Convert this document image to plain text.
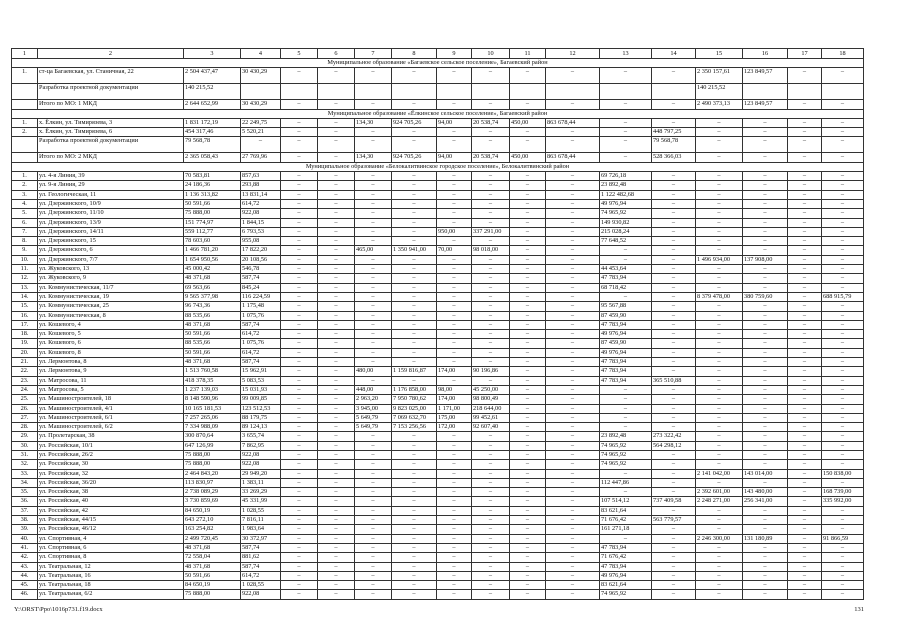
1	2	3	4	5	6	7	8	9	10	11	12	13	14	15	16	17	18
Муниципальное образование «Багаевское сельское поселение», Багаевский район																	
1.	ст-ца Багаевская, ул. Станичная, 22	2 504 437,47	30 430,29	–	–	–	–	–	–	–	–	–	–	2 350 157,61	123 849,57	–	–
	Разработка проектной документации	140 215,52												140 215,52			
	Итого по МО: 1 МКД	2 644 652,99	30 430,29	–	–	–	–	–	–	–	–	–	–	2 490 373,13	123 849,57	–	–
Муниципальное образование «Ёлкинское сельское поселение», Багаевский район																	
1.	х. Ёлкин, ул. Тимирязева, 3	1 831 172,19	22 249,75	–	–	134,30	924 705,26	94,00	20 538,74	450,00	863 678,44	–	–	–	–	–	–
2.	х. Ёлкин, ул. Тимирязева, 6	454 317,46	5 520,21	–	–	–	–	–	–	–	–	–	448 797,25	–	–	–	–
	Разработка проектной документации	79 568,78	–	–	–	–	–	–	–	–	–	–	79 568,78	–	–	–	–
	Итого по МО: 2 МКД	2 365 058,43	27 769,96	–	–	134,30	924 705,26	94,00	20 538,74	450,00	863 678,44	–	528 366,03	–	–	–	–
Муниципальное образование «Белокалитвинское городское поселение», Белокалитвинский район																	
1.	ул. 4-я Линия, 39	70 583,81	857,63	–	–	–	–	–	–	–	–	69 726,18	–	–	–	–	–
2.	ул. 9-я Линия, 29	24 186,36	293,88	–	–	–	–	–	–	–	–	23 892,48	–	–	–	–	–
3.	ул. Геологическая, 11	1 136 313,82	13 831,14	–	–	–	–	–	–	–	–	1 122 482,68	–	–	–	–	–
4.	ул. Дзержинского, 10/9	50 591,66	614,72	–	–	–	–	–	–	–	–	49 976,94	–	–	–	–	–
5.	ул. Дзержинского, 11/10	75 888,00	922,08	–	–	–	–	–	–	–	–	74 965,92	–	–	–	–	–
6.	ул. Дзержинского, 13/9	151 774,97	1 844,15	–	–	–	–	–	–	–	–	149 930,82	–	–	–	–	–
7.	ул. Дзержинского, 14/11	559 112,77	6 793,53	–	–	–	–	950,00	337 291,00	–	–	215 028,24	–	–	–	–	–
8.	ул. Дзержинского, 15	78 603,60	955,08	–	–	–	–	–	–	–	–	77 648,52	–	–	–	–	–
9.	ул. Дзержинского, 6	1 466 781,20	17 822,20	–	–	465,00	1 350 941,00	70,00	98 018,00	–	–	–	–	–	–	–	–
10.	ул. Дзержинского, 7/7	1 654 950,56	20 108,56	–	–	–	–	–	–	–	–	–	–	1 496 934,00	137 908,00	–	–
11.	ул. Жуковского, 13	45 000,42	546,78	–	–	–	–	–	–	–	–	44 453,64	–	–	–	–	–
12.	ул. Жуковского, 9	48 371,68	587,74	–	–	–	–	–	–	–	–	47 783,94	–	–	–	–	–
13.	ул. Коммунистическая, 11/7	69 563,66	845,24	–	–	–	–	–	–	–	–	68 718,42	–	–	–	–	–
14.	ул. Коммунистическая, 19	9 565 377,98	116 224,59	–	–	–	–	–	–	–	–	–	–	8 379 478,00	380 759,60	–	688 915,79
15.	ул. Коммунистическая, 25	96 743,36	1 175,48	–	–	–	–	–	–	–	–	95 567,88	–	–	–	–	–
16.	ул. Коммунистическая, 8	88 535,66	1 075,76	–	–	–	–	–	–	–	–	87 459,90	–	–	–	–	–
17.	ул. Кошевого, 4	48 371,68	587,74	–	–	–	–	–	–	–	–	47 783,94	–	–	–	–	–
18.	ул. Кошевого, 5	50 591,66	614,72	–	–	–	–	–	–	–	–	49 976,94	–	–	–	–	–
19.	ул. Кошевого, 6	88 535,66	1 075,76	–	–	–	–	–	–	–	–	87 459,90	–	–	–	–	–
20.	ул. Кошевого, 8	50 591,66	614,72	–	–	–	–	–	–	–	–	49 976,94	–	–	–	–	–
21.	ул. Лермонтова, 8	48 371,68	587,74	–	–	–	–	–	–	–	–	47 783,94	–	–	–	–	–
22.	ул. Лермонтова, 9	1 513 760,58	15 962,91	–	–	480,00	1 159 816,87	174,00	90 196,86	–	–	47 783,94	–	–	–	–	–
23.	ул. Матросова, 11	418 378,35	5 083,53	–	–	–	–	–	–	–	–	47 783,94	365 510,88	–	–	–	–
24.	ул. Матросова, 5	1 237 139,03	15 031,93	–	–	448,00	1 176 858,00	98,00	45 250,00	–	–	–	–	–	–	–	–
25.	ул. Машиностроителей, 18	8 148 590,96	99 009,85	–	–	2 963,20	7 950 780,62	174,00	98 800,49	–	–	–	–	–	–	–	–
26.	ул. Машиностроителей, 4/1	10 165 181,53	123 512,53	–	–	3 945,00	9 823 025,00	1 171,00	218 644,00	–	–	–	–	–	–	–	–
27.	ул. Машиностроителей, 6/1	7 257 265,06	88 179,75	–	–	5 649,79	7 069 632,70	175,00	99 452,61	–	–	–	–	–	–	–	–
28.	ул. Машиностроителей, 6/2	7 334 988,09	89 124,13	–	–	5 649,79	7 153 256,56	172,00	92 607,40	–	–	–	–	–	–	–	–
29.	ул. Пролетарская, 38	300 870,64	3 655,74	–	–	–	–	–	–	–	–	23 892,48	273 322,42	–	–	–	–
30.	ул. Российская, 10/1	647 126,99	7 862,95	–	–	–	–	–	–	–	–	74 965,92	564 298,12	–	–	–	–
31.	ул. Российская, 26/2	75 888,00	922,08	–	–	–	–	–	–	–	–	74 965,92	–	–	–	–	–
32.	ул. Российская, 30	75 888,00	922,08	–	–	–	–	–	–	–	–	74 965,92	–	–	–	–	–
33.	ул. Российская, 32	2 464 843,20	29 949,20	–	–	–	–	–	–	–	–	–	–	2 141 042,00	143 014,00	–	150 838,00
34.	ул. Российская, 36/20	113 830,97	1 383,11	–	–	–	–	–	–	–	–	112 447,86	–	–	–	–	–
35.	ул. Российская, 38	2 738 089,29	33 269,29	–	–	–	–	–	–	–	–	–	–	2 392 601,00	143 480,00	–	168 739,00
36.	ул. Российская, 40	3 730 859,69	45 331,99	–	–	–	–	–	–	–	–	107 514,12	737 409,58	2 248 271,00	256 341,00	–	335 992,00
37.	ул. Российская, 42	84 650,19	1 028,55	–	–	–	–	–	–	–	–	83 621,64	–	–	–	–	–
38.	ул. Российская, 44/15	643 272,10	7 816,11	–	–	–	–	–	–	–	–	71 676,42	563 779,57	–	–	–	–
39.	ул. Российская, 46/12	163 254,82	1 983,64	–	–	–	–	–	–	–	–	161 271,18	–	–	–	–	–
40.	ул. Спортивная, 4	2 499 720,45	30 372,97	–	–	–	–	–	–	–	–	–	–	2 246 300,00	131 180,89	–	91 866,59
41.	ул. Спортивная, 6	48 371,68	587,74	–	–	–	–	–	–	–	–	47 783,94	–	–	–	–	–
42.	ул. Спортивная, 8	72 558,04	881,62	–	–	–	–	–	–	–	–	71 676,42	–	–	–	–	–
43.	ул. Театральная, 12	48 371,68	587,74	–	–	–	–	–	–	–	–	47 783,94	–	–	–	–	–
44.	ул. Театральная, 16	50 591,66	614,72	–	–	–	–	–	–	–	–	49 976,94	–	–	–	–	–
45.	ул. Театральная, 18	84 650,19	1 028,55	–	–	–	–	–	–	–	–	83 621,64	–	–	–	–	–
46.	ул. Театральная, 6/2	75 888,00	922,08	–	–	–	–	–	–	–	–	74 965,92	–	–	–	–	–
Y:\ORST\Ppo\1016p731.f19.docx	131
